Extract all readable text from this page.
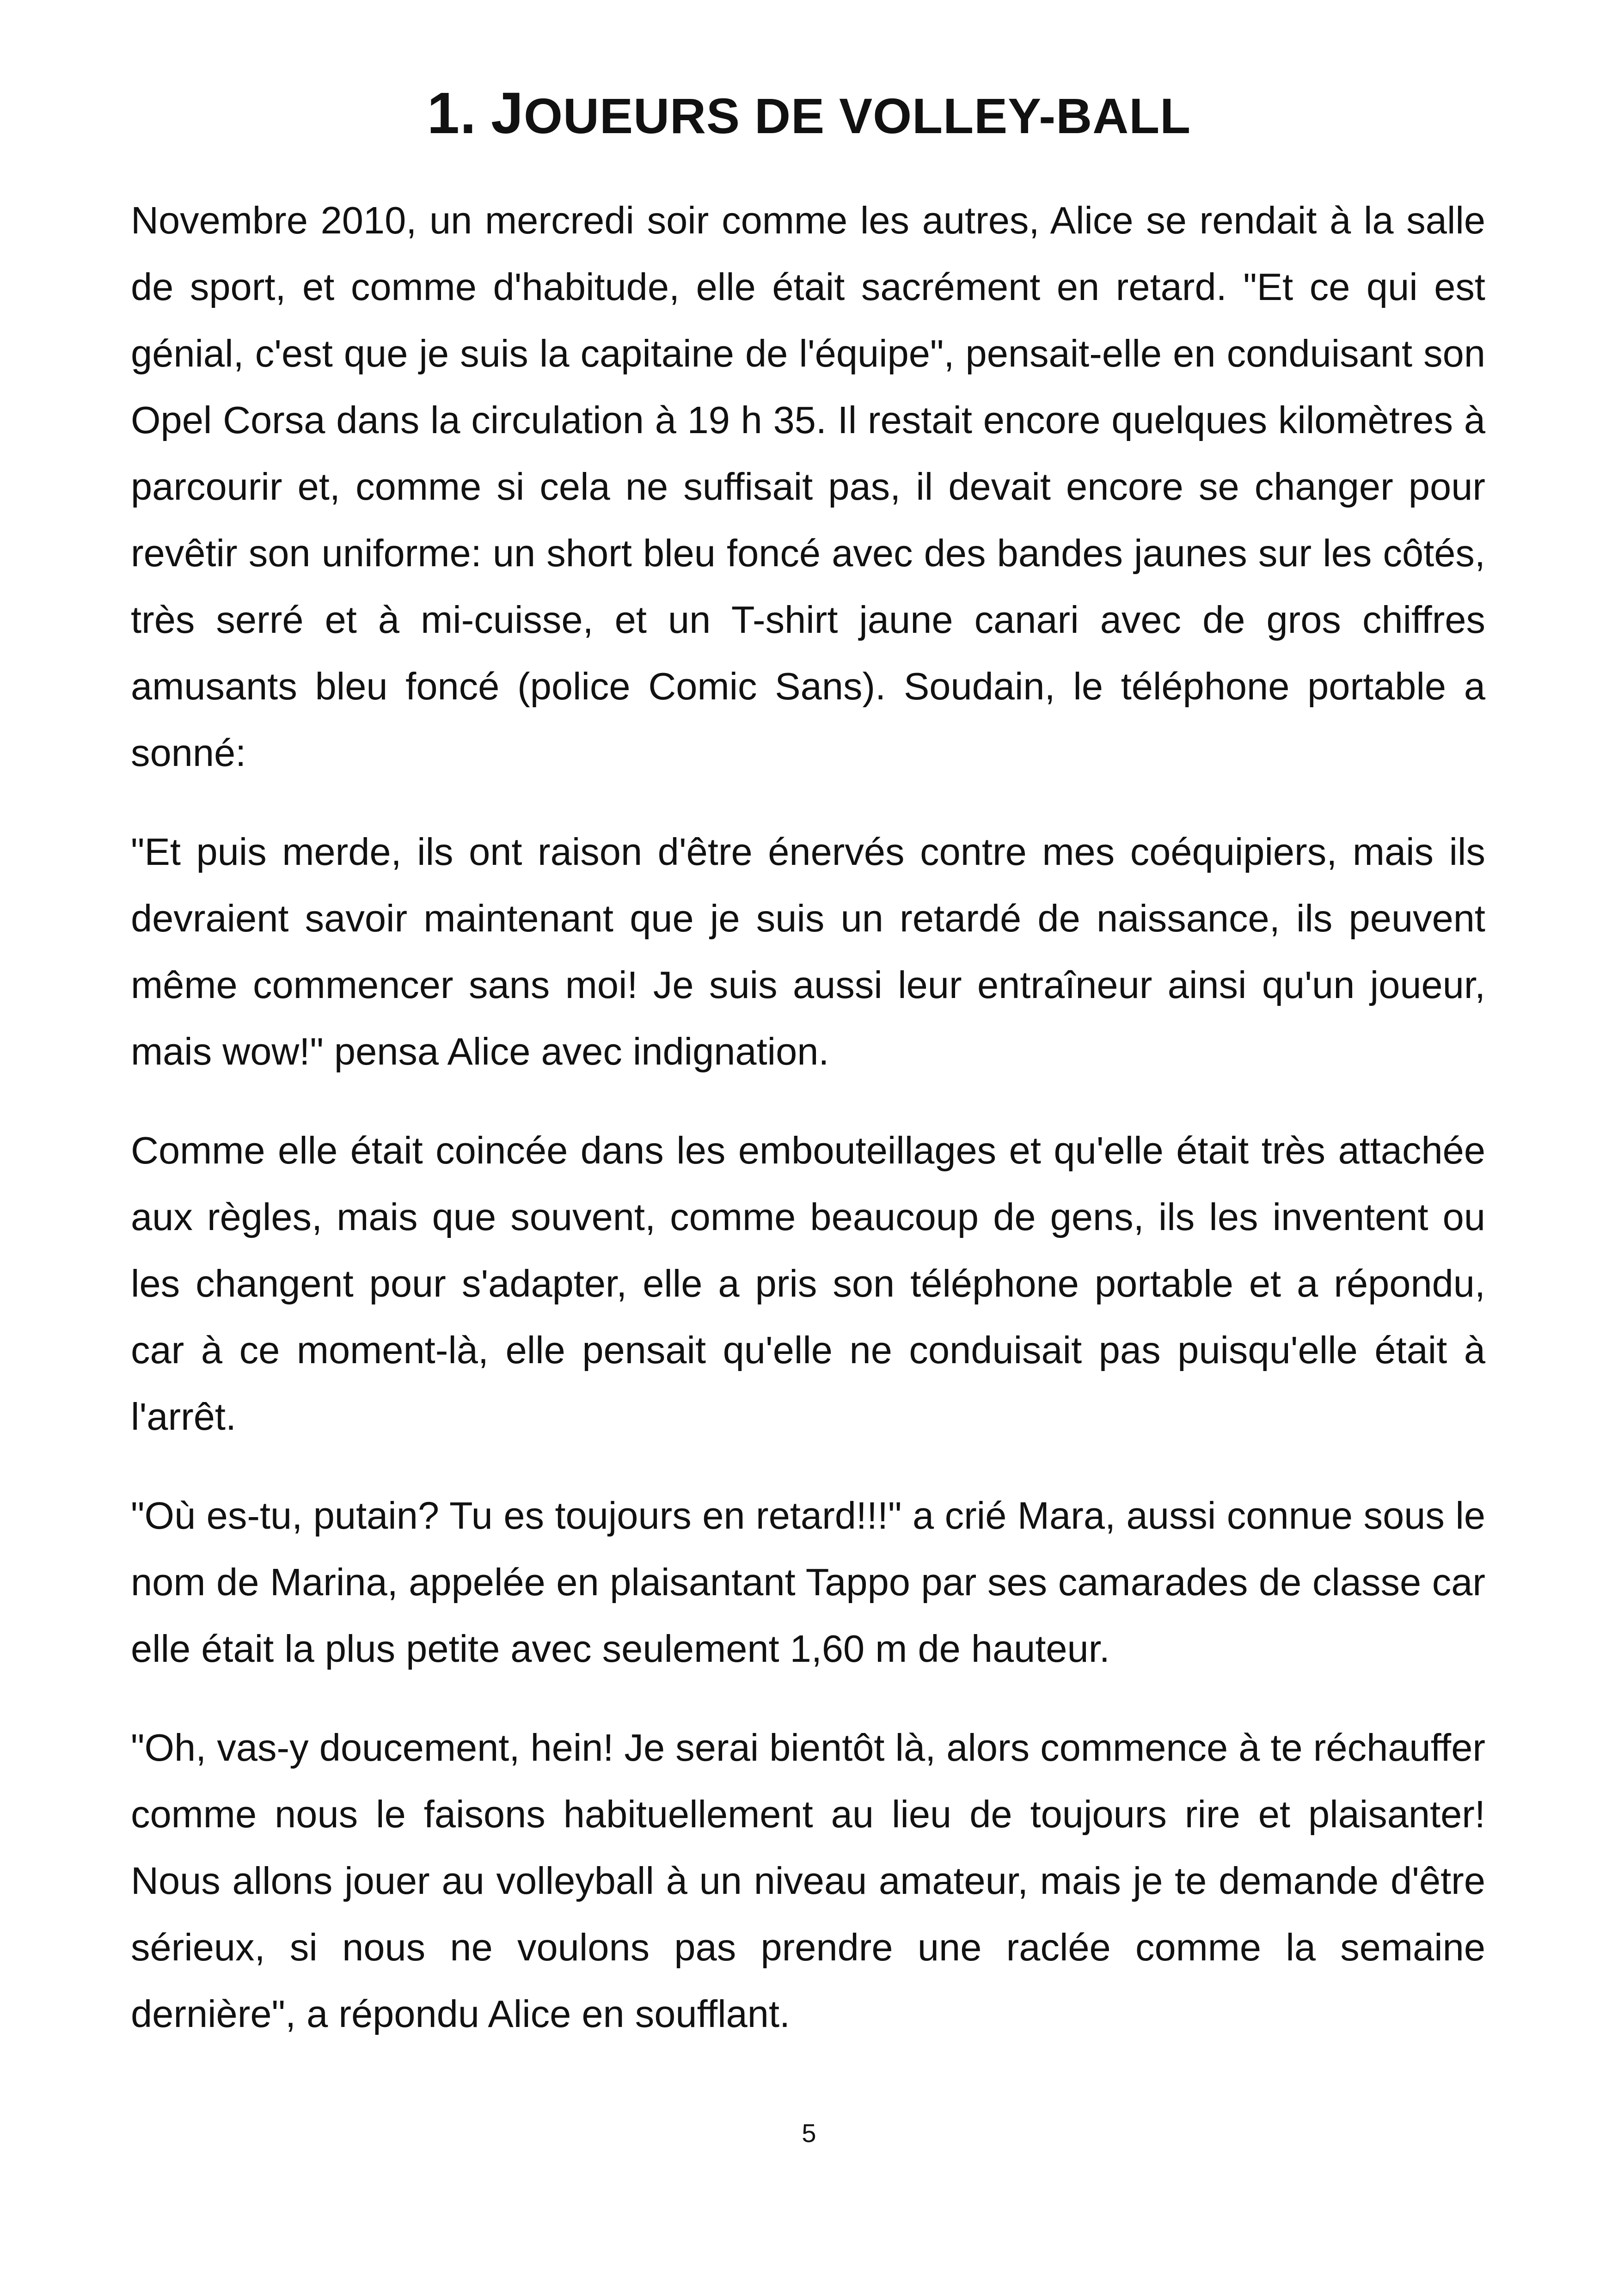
1. JOUEURS DE VOLLEY-BALL

Novembre 2010, un mercredi soir comme les autres, Alice se rendait à la salle de sport, et comme d'habitude, elle était sacrément en retard. "Et ce qui est génial, c'est que je suis la capitaine de l'équipe", pensait-elle en conduisant son Opel Corsa dans la circulation à 19 h 35. Il restait encore quelques kilomètres à parcourir et, comme si cela ne suffisait pas, il devait encore se changer pour revêtir son uniforme: un short bleu foncé avec des bandes jaunes sur les côtés, très serré et à mi-cuisse, et un T-shirt jaune canari avec de gros chiffres amusants bleu foncé (police Comic Sans). Soudain, le téléphone portable a sonné:

"Et puis merde, ils ont raison d'être énervés contre mes coéquipiers, mais ils devraient savoir maintenant que je suis un retardé de naissance, ils peuvent même commencer sans moi! Je suis aussi leur entraîneur ainsi qu'un joueur, mais wow!" pensa Alice avec indignation.

Comme elle était coincée dans les embouteillages et qu'elle était très attachée aux règles, mais que souvent, comme beaucoup de gens, ils les inventent ou les changent pour s'adapter, elle a pris son téléphone portable et a répondu, car à ce moment-là, elle pensait qu'elle ne conduisait pas puisqu'elle était à l'arrêt.

"Où es-tu, putain? Tu es toujours en retard!!!" a crié Mara, aussi connue sous le nom de Marina, appelée en plaisantant Tappo par ses camarades de classe car elle était la plus petite avec seulement 1,60 m de hauteur.

"Oh, vas-y doucement, hein! Je serai bientôt là, alors commence à te réchauffer comme nous le faisons habituellement au lieu de toujours rire et plaisanter! Nous allons jouer au volleyball à un niveau amateur, mais je te demande d'être sérieux, si nous ne voulons pas prendre une raclée comme la semaine dernière", a répondu Alice en soufflant.

5
